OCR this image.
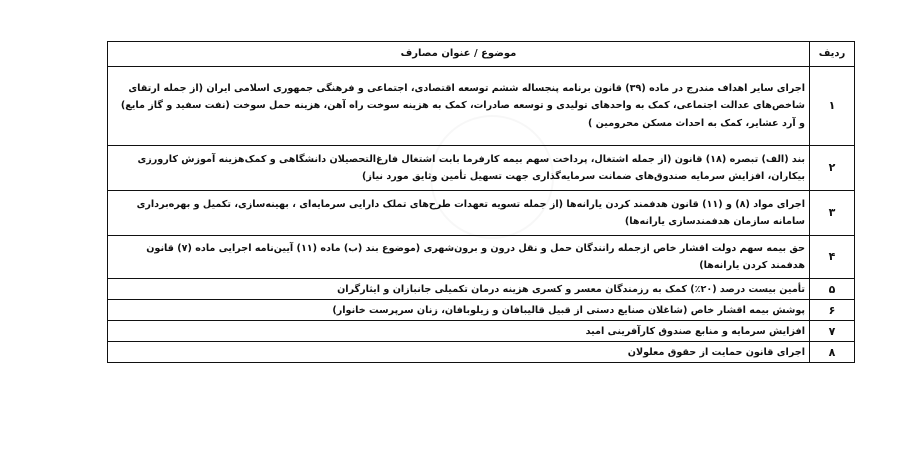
ردیف	موضوع / عنوان مصارف
۱	اجرای سایر اهداف مندرج در ماده (۳۹) قانون برنامه پنجساله ششم توسعه اقتصادی، اجتماعی و فرهنگی جمهوری اسلامی ایران (از جمله ارتقای شاخص‌های عدالت اجتماعی، کمک به واحدهای تولیدی و توسعه صادرات، کمک به هزینه سوخت راه آهن، هزینه حمل سوخت (نفت سفید و گاز مایع) و آرد عشایر، کمک به احداث مسکن محرومین )
۲	بند (الف) تبصره (۱۸) قانون (از جمله اشتغال، پرداخت سهم بیمه کارفرما بابت اشتغال فارغ‌التحصیلان دانشگاهی و کمک‌هزینه آموزش کارورزی بیکاران، افزایش سرمایه صندوق‌های ضمانت سرمایه‌گذاری جهت تسهیل تأمین وثایق مورد نیاز)
۳	اجرای مواد (۸) و (۱۱) قانون هدفمند کردن یارانه‌ها (از جمله تسویه تعهدات طرح‌های تملک دارایی سرمایه‌ای ، بهینه‌سازی، تکمیل و بهره‌برداری سامانه سازمان هدفمندسازی یارانه‌ها)
۴	حق بیمه سهم دولت اقشار خاص ازجمله رانندگان حمل و نقل درون و برون‌شهری (موضوع بند (ب) ماده (۱۱) آیین‌نامه اجرایی ماده (۷) قانون هدفمند کردن یارانه‌ها)
۵	تأمین بیست درصد (۲۰٪) کمک به رزمندگان معسر و کسری هزینه درمان تکمیلی جانبازان و ایثارگران
۶	پوشش بیمه اقشار خاص (شاغلان صنایع دستی از قبیل قالیبافان و زیلوبافان، زنان سرپرست خانوار)
۷	افزایش سرمایه و منابع صندوق کارآفرینی امید
۸	اجرای قانون حمایت از حقوق معلولان
